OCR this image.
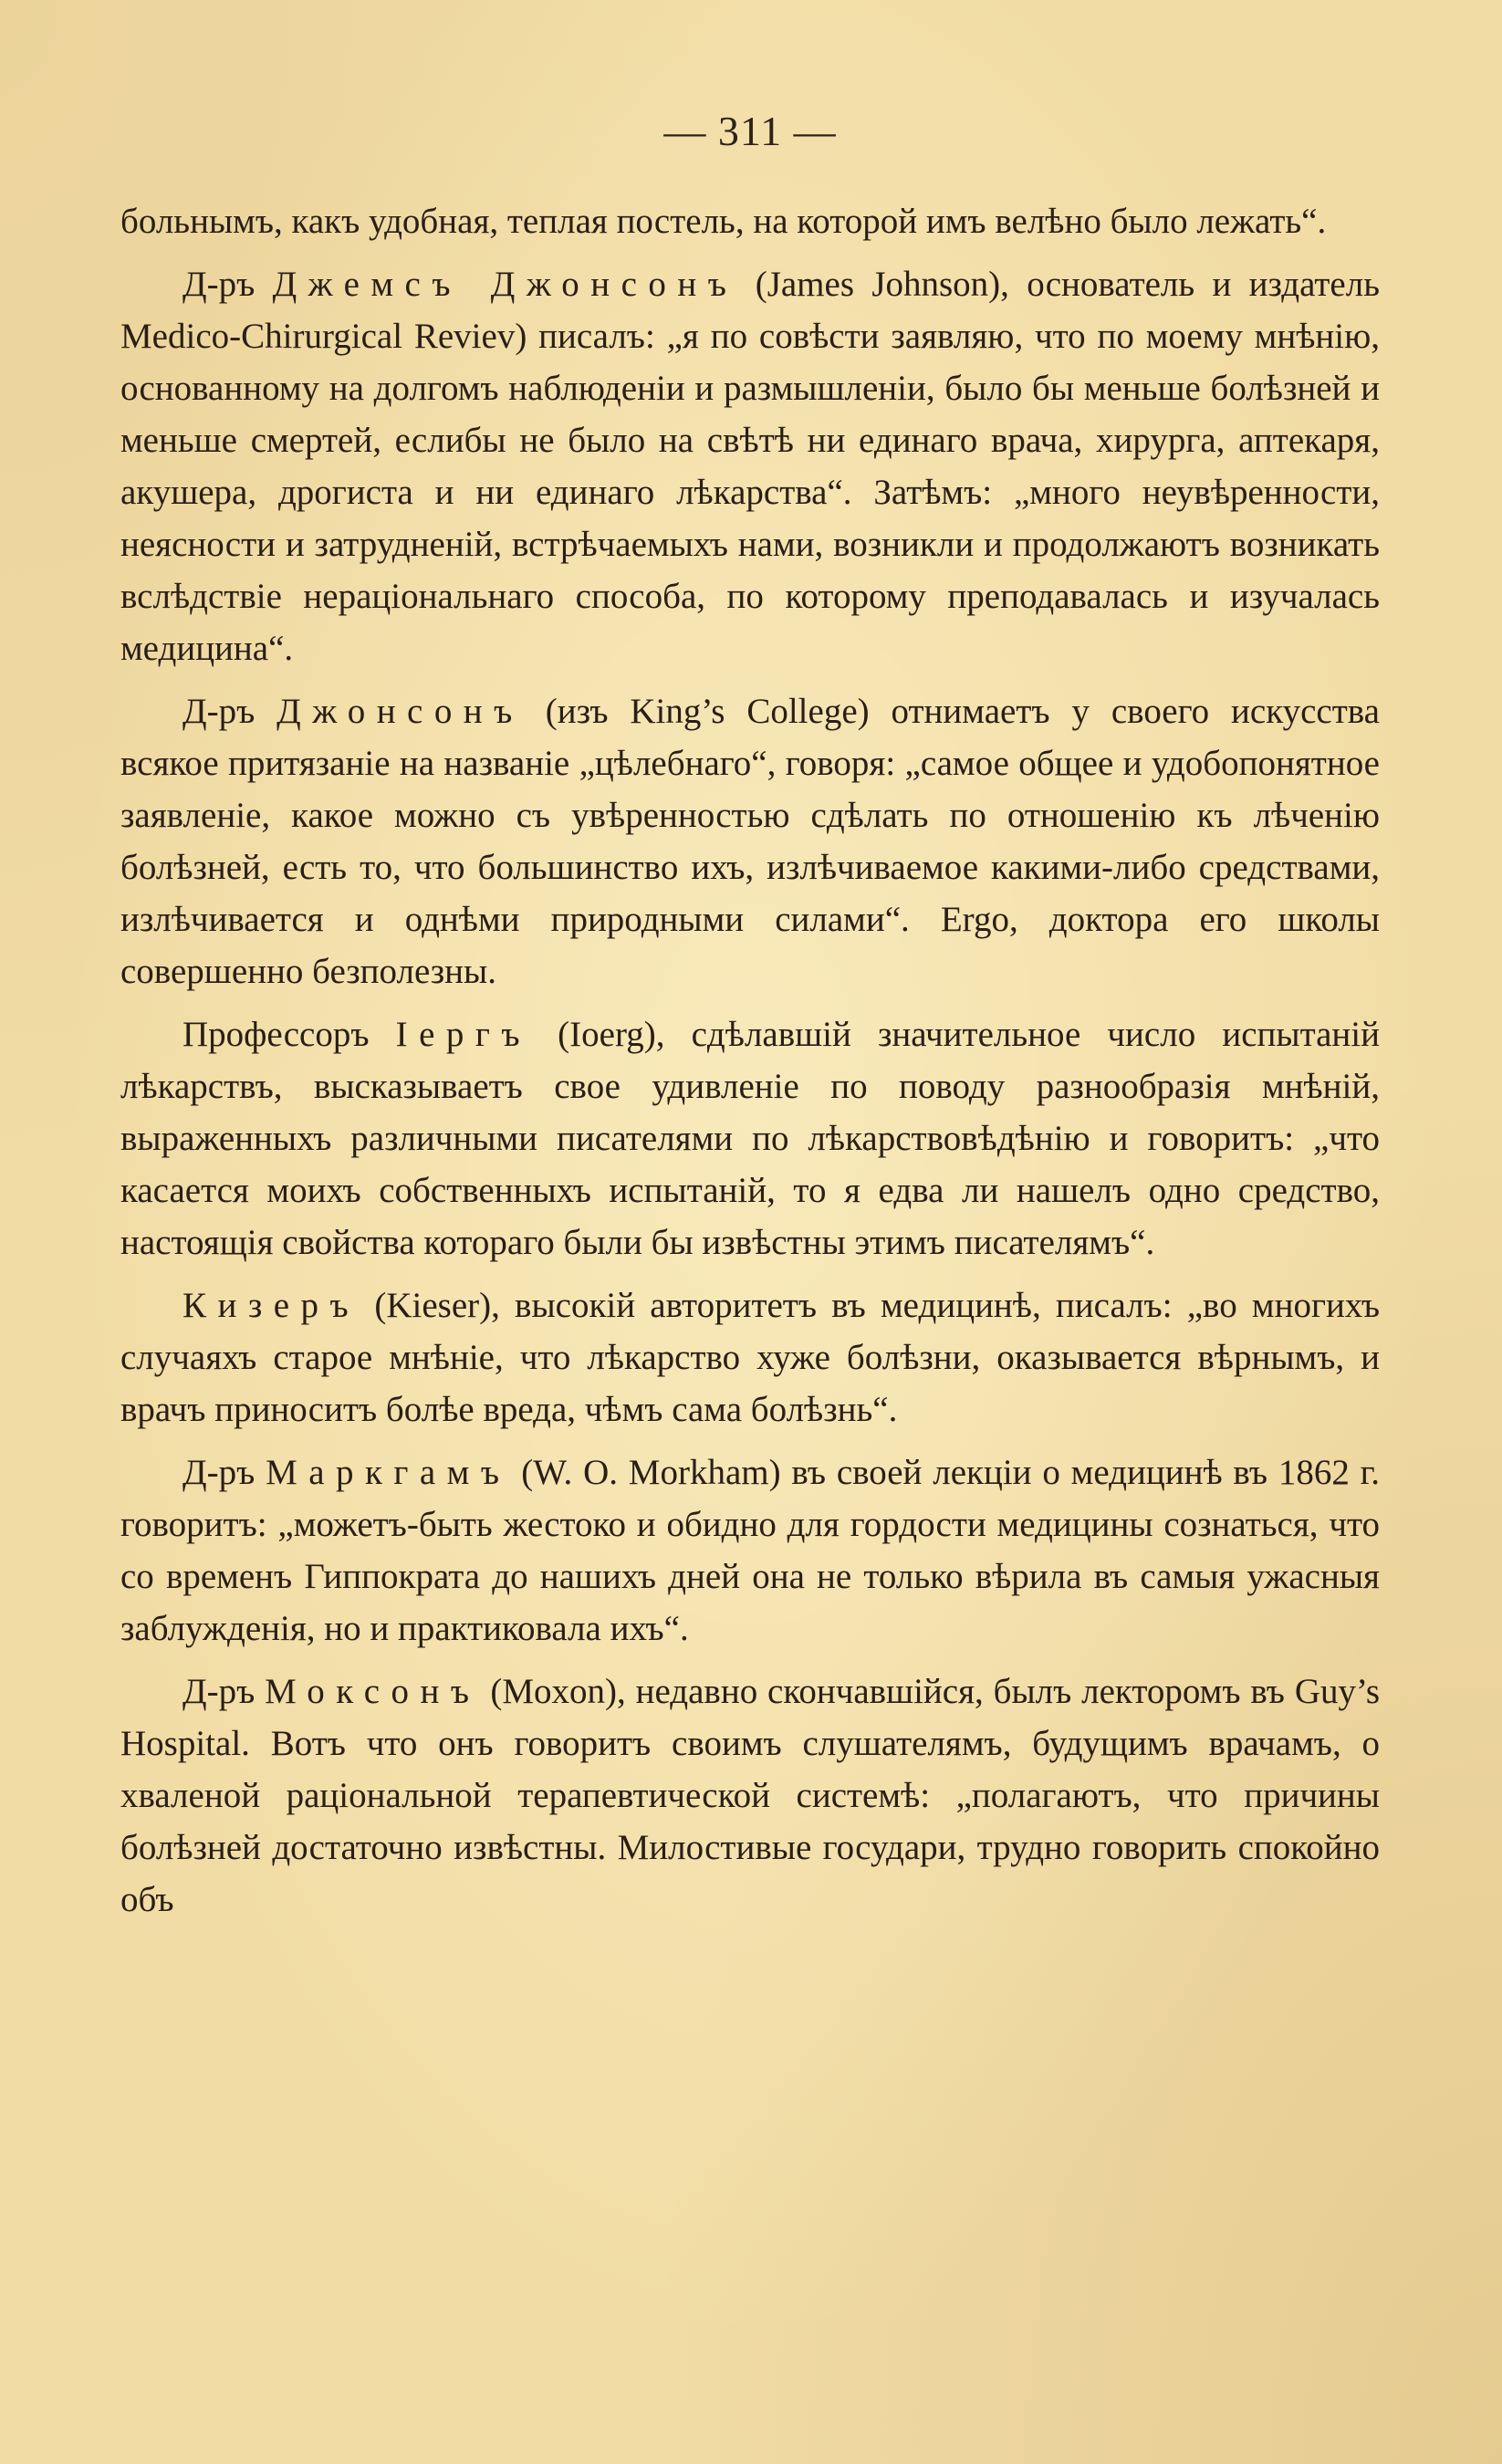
— 311 —

больнымъ, какъ удобная, теплая постель, на которой имъ велѣно было лежать“.

Д-ръ Джемсъ Джонсонъ (James Johnson), основатель и издатель Medico-Chirurgical Reviev) писалъ: „я по совѣсти заявляю, что по моему мнѣнію, основанному на долгомъ наблюденіи и размышленіи, было бы меньше болѣзней и меньше смертей, еслибы не было на свѣтѣ ни единаго врача, хирурга, аптекаря, акушера, дрогиста и ни единаго лѣкарства“. Затѣмъ: „много неувѣренности, неясности и затрудненій, встрѣчаемыхъ нами, возникли и продолжаютъ возникать вслѣдствіе нераціональнаго способа, по которому преподавалась и изучалась медицина“.

Д-ръ Джонсонъ (изъ King’s College) отнимаетъ у своего искусства всякое притязаніе на названіе „цѣлебнаго“, говоря: „самое общее и удобопонятное заявленіе, какое можно съ увѣренностью сдѣлать по отношенію къ лѣченію болѣзней, есть то, что большинство ихъ, излѣчиваемое какими-либо средствами, излѣчивается и однѣми природными силами“. Ergo, доктора его школы совершенно безполезны.

Профессоръ Іергъ (Ioerg), сдѣлавшій значительное число испытаній лѣкарствъ, высказываетъ свое удивленіе по поводу разнообразія мнѣній, выраженныхъ различными писателями по лѣкарствовѣдѣнію и говоритъ: „что касается моихъ собственныхъ испытаній, то я едва ли нашелъ одно средство, настоящія свойства котораго были бы извѣстны этимъ писателямъ“.

Кизеръ (Kieser), высокій авторитетъ въ медицинѣ, писалъ: „во многихъ случаяхъ старое мнѣніе, что лѣкарство хуже болѣзни, оказывается вѣрнымъ, и врачъ приноситъ болѣе вреда, чѣмъ сама болѣзнь“.

Д-ръ Маркгамъ (W. O. Morkham) въ своей лекціи о медицинѣ въ 1862 г. говоритъ: „можетъ-быть жестоко и обидно для гордости медицины сознаться, что со временъ Гиппократа до нашихъ дней она не только вѣрила въ самыя ужасныя заблужденія, но и практиковала ихъ“.

Д-ръ Моксонъ (Moxon), недавно скончавшійся, былъ лекторомъ въ Guy’s Hospital. Вотъ что онъ говоритъ своимъ слушателямъ, будущимъ врачамъ, о хваленой раціональной терапевтической системѣ: „полагаютъ, что причины болѣзней достаточно извѣстны. Милостивые государи, трудно говорить спокойно объ
